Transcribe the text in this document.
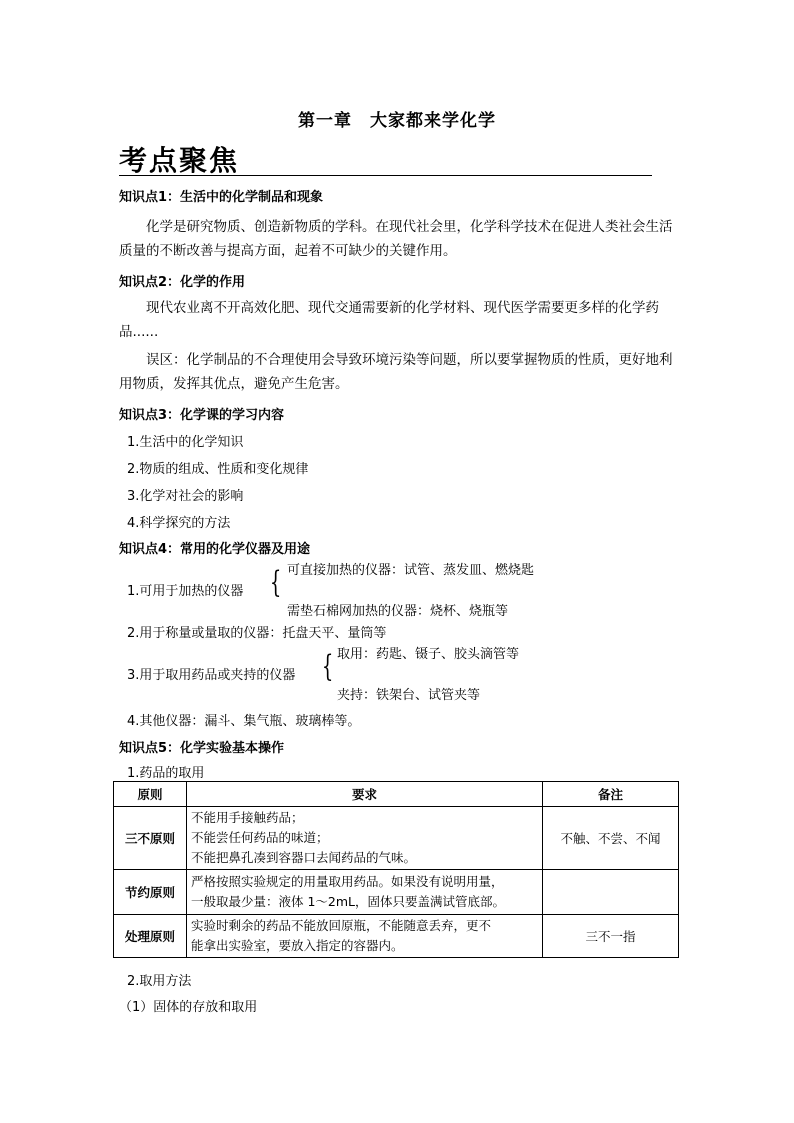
第一章　大家都来学化学
考点聚焦
知识点1：生活中的化学制品和现象
化学是研究物质、创造新物质的学科。在现代社会里，化学科学技术在促进人类社会生活质量的不断改善与提高方面，起着不可缺少的关键作用。
知识点2：化学的作用
现代农业离不开高效化肥、现代交通需要新的化学材料、现代医学需要更多样的化学药品......
误区：化学制品的不合理使用会导致环境污染等问题，所以要掌握物质的性质，更好地利用物质，发挥其优点，避免产生危害。
知识点3：化学课的学习内容
1.生活中的化学知识
2.物质的组成、性质和变化规律
3.化学对社会的影响
4.科学探究的方法
知识点4：常用的化学仪器及用途
1.可用于加热的仪器 { 可直接加热的仪器：试管、蒸发皿、燃烧匙
需垫石棉网加热的仪器：烧杯、烧瓶等
2.用于称量或量取的仪器：托盘天平、量筒等
3.用于取用药品或夹持的仪器 { 取用：药匙、镊子、胶头滴管等
夹持：铁架台、试管夹等
4.其他仪器：漏斗、集气瓶、玻璃棒等。
知识点5：化学实验基本操作
1.药品的取用
原则	要求	备注
三不原则	不能用手接触药品；
不能尝任何药品的味道；
不能把鼻孔凑到容器口去闻药品的气味。	不触、不尝、不闻
节约原则	严格按照实验规定的用量取用药品。如果没有说明用量，
一般取最少量：液体 1～2mL，固体只要盖满试管底部。	

处理原则	实验时剩余的药品不能放回原瓶，不能随意丢弃，更不
能拿出实验室，要放入指定的容器内。	三不一指
2.取用方法
（1）固体的存放和取用
